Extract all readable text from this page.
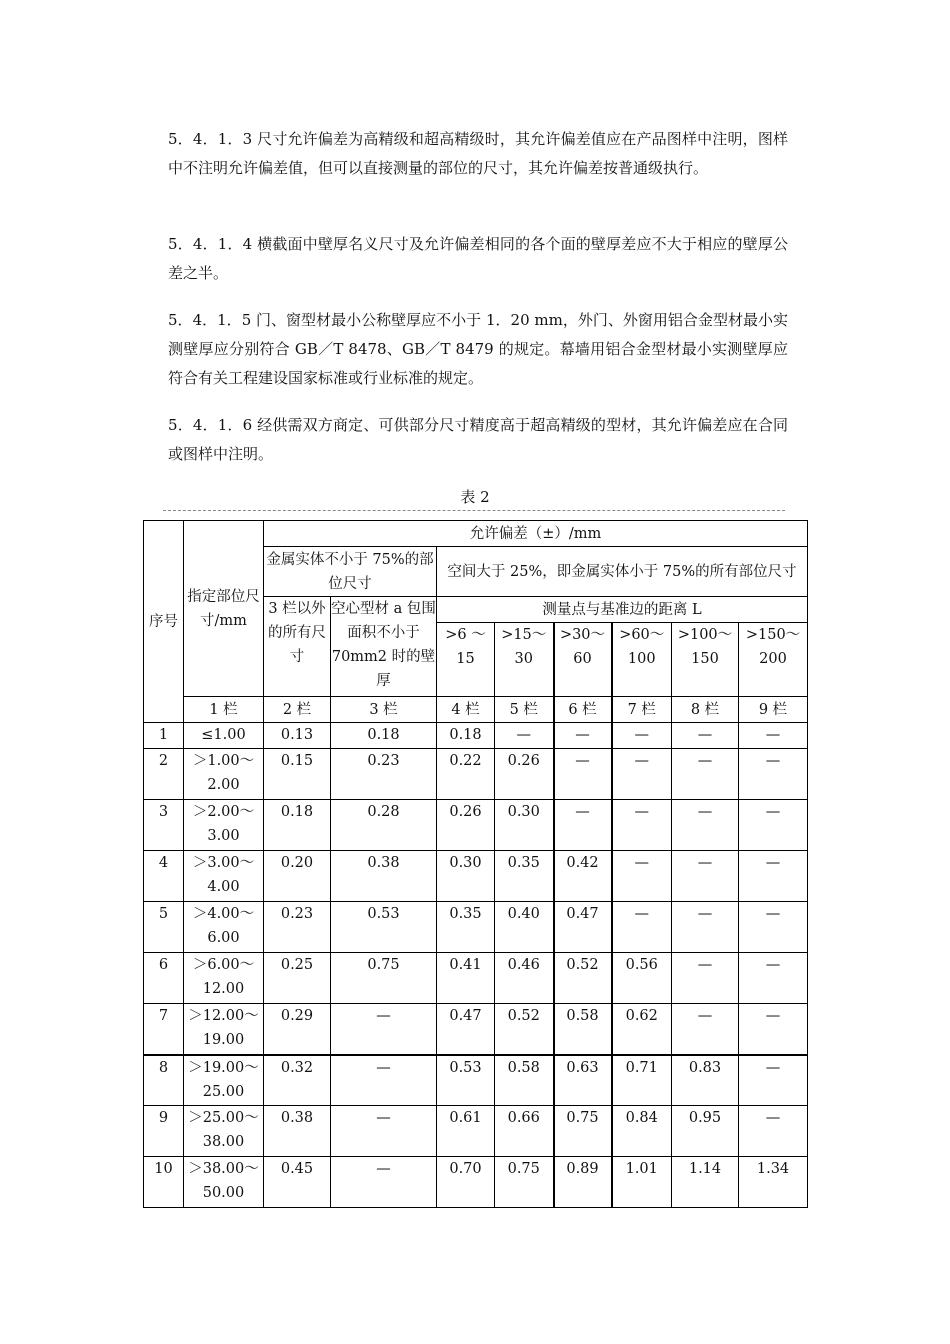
5．4．1．3 尺寸允许偏差为高精级和超高精级时，其允许偏差值应在产品图样中注明，图样中不注明允许偏差值，但可以直接测量的部位的尺寸，其允许偏差按普通级执行。

5．4．1．4 横截面中壁厚名义尺寸及允许偏差相同的各个面的壁厚差应不大于相应的壁厚公差之半。

5．4．1．5 门、窗型材最小公称壁厚应不小于 1．20 mm，外门、外窗用铝合金型材最小实测壁厚应分别符合 GB／T 8478、GB／T 8479 的规定。幕墙用铝合金型材最小实测壁厚应符合有关工程建设国家标准或行业标准的规定。

5．4．1．6 经供需双方商定、可供部分尺寸精度高于超高精级的型材，其允许偏差应在合同或图样中注明。

表 2
序号	指定部位尺寸/mm	允许偏差（±）/mm							
		金属实体不小于 75%的部位尺寸		空间大于 25%，即金属实体小于 75%的所有部位尺寸					
		3 栏以外的所有尺寸	空心型材 a 包围面积不小于 70mm2 时的壁厚	测量点与基准边的距离 L					
				>6 ～15	>15～30	>30～60	>60～100	>100～150	>150～200
	1 栏	2 栏	3 栏	4 栏	5 栏	6 栏	7 栏	8 栏	9 栏
1	≤1.00	0.13	0.18	0.18	—	—	—	—	—
2	＞1.00～2.00	0.15	0.23	0.22	0.26	—	—	—	—
3	＞2.00～3.00	0.18	0.28	0.26	0.30	—	—	—	—
4	＞3.00～4.00	0.20	0.38	0.30	0.35	0.42	—	—	—
5	＞4.00～6.00	0.23	0.53	0.35	0.40	0.47	—	—	—
6	＞6.00～12.00	0.25	0.75	0.41	0.46	0.52	0.56	—	—
7	＞12.00～19.00	0.29	—	0.47	0.52	0.58	0.62	—	—
8	＞19.00～25.00	0.32	—	0.53	0.58	0.63	0.71	0.83	—
9	＞25.00～38.00	0.38	—	0.61	0.66	0.75	0.84	0.95	—
10	＞38.00～50.00	0.45	—	0.70	0.75	0.89	1.01	1.14	1.34
